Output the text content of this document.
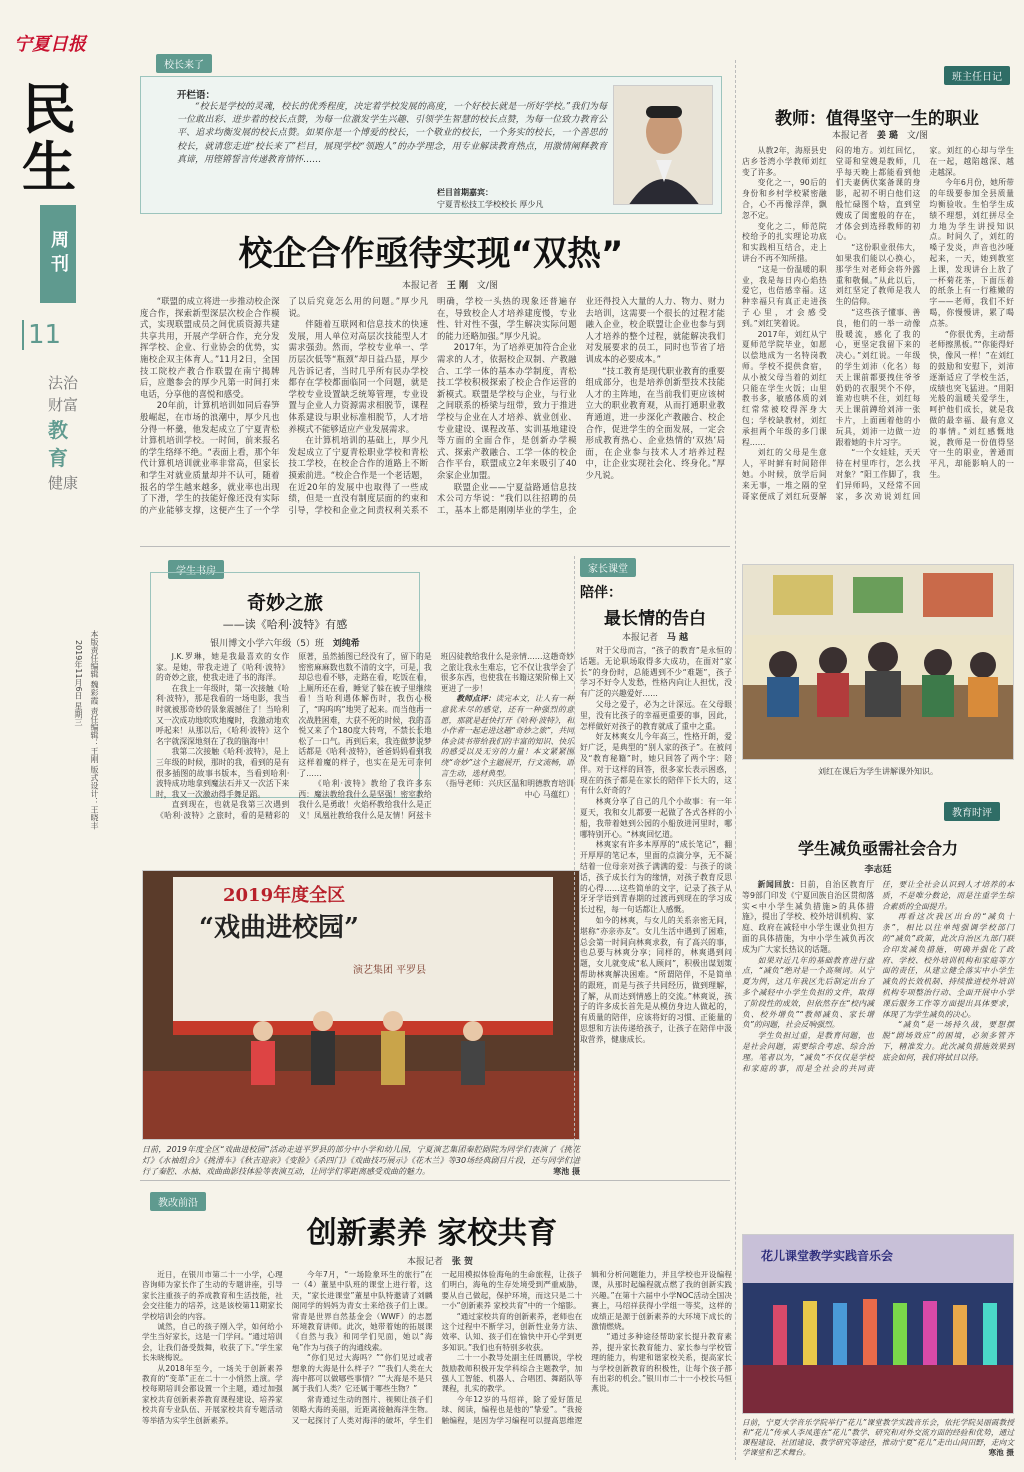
宁夏日报
民
生
周刊
11
法治
财富
教育
健康
本版责任编辑 魏彩霞 责任编辑：王刚 版式设计：王晓丰
2019年11月6日 星期三
校长来了
开栏语：
“校长是学校的灵魂，校长的优秀程度，决定着学校发展的高度，一个好校长就是一所好学校。”我们为每一位敢出彩、进步着的校长点赞，为每一位激发学生兴趣、引领学生智慧的校长点赞，为每一位致力教育公平、追求均衡发展的校长点赞。如果你是一个博爱的校长，一个敬业的校长，一个务实的校长，一个善思的校长，就请您走进“校长来了”栏目，展现学校“领跑人”的办学理念，用专业解读教育热点，用激情阐释教育真谛，用铿锵誓言传递教育情怀……
栏目首期嘉宾：
宁夏青松技工学校校长 厚少凡
校企合作亟待实现“双热”
本报记者 王 刚 文/图

“联盟的成立将进一步推动校企深度合作，探索新型深层次校企合作模式，实现联盟成员之间优质资源共建共享共用，开展产学研合作，充分发挥学校、企业、行业协会的优势，实施校企双主体育人。”11月2日，全国技工院校产教合作联盟在南宁揭牌后，应邀参会的厚少凡第一时间打来电话，分享他的喜悦和感受。

20年前，计算机培训如同后春笋般崛起，在市场的浪潮中，厚少凡也分得一杯羹，他发起成立了宁夏青松计算机培训学校。一时间，前来报名的学生络绎不绝。“表面上看，那个年代计算机培训就业率非常高，但家长和学生对就业质量却并不认可，随着报名的学生越来越多，就业率也出现了下滑，学生的技能好像还没有实际的产业能够支撑，这便产生了一个学了以后究竟怎么用的问题。”厚少凡说。

伴随着互联网和信息技术的快速发展，用人单位对高层次技能型人才需求强劲。然而，学校专业单一、学历层次低等“瓶颈”却日益凸显，厚少凡告诉记者，当时几乎所有民办学校都存在学校都面临同一个问题，就是学校专业设置缺乏统筹管理，专业设置与企业人力资源需求相脱节，课程体系建设与职业标准相脱节，人才培养模式不能够适应产业发展需求。

在计算机培训的基础上，厚少凡发起成立了宁夏青松职业学校和青松技工学校，在校企合作的道路上不断摸索前进。“校企合作是一个老话题，在近20年的发展中也取得了一些成绩，但是一直没有制度层面的约束和引导，学校和企业之间责权利关系不明确，学校一头热的现象还普遍存在，导致校企人才培养建度慢，专业性、针对性不强，学生解决实际问题的能力还略加强。”厚少凡说。

2017年，为了培养更加符合企业需求的人才，依据校企双制、产教融合、工学一体的基本办学制度，青松技工学校积极探索了校企合作运营的新模式。联盟是学校与企业，与行业之间联系的桥梁与纽带，致力于推进学校与企业在人才培养、就业创业、专业建设、课程改革、实训基地建设等方面的全面合作，是创新办学模式、探索产教融合、工学一体的校企合作平台，联盟成立2年来吸引了40余家企业加盟。

联盟企业——宁夏益路通信息技术公司方华说：“我们以往招聘的员工，基本上都是刚刚毕业的学生，企业还得投入大量的人力、物力、财力去培训，这需要一个很长的过程才能融入企业，校企联盟让企业也参与到人才培养的整个过程，就能解决我们对发展要求的员工，同时也节省了培训成本的必要成本。”

“技工教育是现代职业教育的重要组成部分，也是培养创新型技术技能人才的主阵地，在当前我们更应该树立大的职业教育观，从而打通职业教育通道，进一步深化产教融合、校企合作，促进学生的全面发展，一定会形成教育热心、企业热情的‘双热’局面，在企业参与技术人才培养过程中，让企业实现社会化、终身化。”厚少凡说。

班主任日记
教师：值得坚守一生的职业
本报记者 姜 璐 文/图

从教2年，海原县史店乡苍湾小学教师刘红变了许多。

变化之一，90后的身份和乡村学校紧密融合，心不再像浮萍，飘忽不定。

变化之二，师范院校给予的扎实理论功底和实践相互结合，走上讲台不再不知所措。

“这是一份温暖的职业，我是每日内心焰热爱它，也倍感幸福。这种幸福只有真正走进孩子心里，才会感受到。”刘红笑着说。

2017年，刘红从宁夏师范学院毕业，如愿以偿地成为一名特岗教师。学校不提供食宿，从小被父母当着的刘红只能在学生火饭；山里教书多，敏感体质的刘红常常被咬得浑身大包；学校缺教材，刘红承担两个年级的多门课程……

刘红的父母是生意人，平时鲜有时间陪伴她。小时候，放学后间来无事，一堆之隔的堂哥家便成了刘红玩耍解闷的地方。刘红回忆，堂哥和堂嫂是教师，几乎每天晚上都能看到他们夫妻俩伏案备课的身影，起初不明白他们这般忙碌图个啥，直到堂嫂成了闺蜜般的存在，才体会到选择教师的初心。

“这份职业很伟大，如果我们能以心换心，那学生对老师会将外露重和敬佩。”从此以后，刘红坚定了教师是我人生的信仰。

“这些孩子懂事、善良，他们的一举一动像股暖流，感化了我的心，更坚定我留下来的决心。”刘红说。一年级的学生刘沛（化名）每天上课前都要拽住爷爷奶奶的衣服哭个不停，谁劝也哄不住，刘红每天上课前蹲给刘沛一张卡片，上面画着他的小玩具，刘沛一边做一边跟着她的卡片习字。

“一个女娃娃，天天待在村里咋行，怎么找对象？”阳工作脚了，我们异师吗，又经常不回家，多次劝说刘红回家。刘红的心却与学生在一起，越陷越深、越走越深。

今年6月份，她所带的年级要参加全县质量均衡验收。生怕学生成绩不理想，刘红拼尽全力地为学生讲授知识点。时间久了，刘红的嗓子发炎，声音也沙哑起来，一天，她到教室上课，发现讲台上放了一杯菊花茶，下面压着的纸条上有一行稚嫩的字——老师，我们不好喝，你慢慢讲，累了喝点茶。

“你很优秀，主动帮老师擦黑板。”“你能得好快，像风一样！”在刘红的鼓励和安慰下，刘沛逐渐适应了学校生活，成绩也突飞猛进。“用阳光般的温暖关爱学生，呵护他们成长，就是我做的最幸福、最有意义的事情。”刘红感慨地说，教师是一份值得坚守一生的职业，普通而平凡，却能影响人的一生。

刘红在课后为学生讲解课外知识。
学生书房
奇妙之旅
——读《哈利·波特》有感
银川博文小学六年级（5）班 刘纯希

J.K.罗琳，她是我最喜欢的女作家。是她，带我走进了《哈利·波特》的奇妙之旅，使我走进了书的海洋。

在我上一年级时，第一次接触《哈利·波特》，那是我看的一场电影，我当时就被那奇妙的景象震撼住了！当哈利又一次成功地吹吹地魔时，我激动地欢呼起来！从那以后，《哈利·波特》这个名字就深深地刻在了我的脑海中！

我第二次接触《哈利·波特》，是上三年级的时候，那时的我，看到的是有很多插图的故事书版本，当看到哈利·波特成功地拿到魔法石并又一次活下来时，我又一次激动得手舞足蹈。

直到现在，也就是我第三次遇到《哈利·波特》之旅时，看的是精彩的原著，虽然插图已经没有了，留下的是密密麻麻数也数不清的文字，可是，我却总也看不够，走路在看，吃饭在看，上厕所还在看，睡觉了躲在被子里继续看！当哈利遇体解伤时，我伤心极了，“呜呜呜”地哭了起来。而当他再一次战胜困难，大获不死的时候，我的喜悦又来了个180度大转弯，不禁长长地松了一口气。再到后来，我连做梦说梦话都是《哈利·波特》，爸爸妈妈看到我这样着魔的样子，也实在是无可奈何了……

《哈利·波特》教给了我许多东西：魔法教给我什么是坚强！密室教给我什么是勇敢！火焰杯教给我什么是正义！凤凰社教给我什么是友情！阿兹卡班囚徒教给我什么是亲情……这趟奇妙之旅让我永生难忘，它不仅让我学会了很多东西，也使我在书籍这架阶梯上又更进了一步！

教师点评：读完本文，让人有一种意犹未尽的感觉，还有一种强烈的意愿，那就是赶快打开《哈利·波特》，和小作者一起走进这趟“奇妙之旅”，共同体会读书带给我们的丰富的知识、快乐的感受以及无穷的力量！本文紧紧围绕“奇妙”这个主题展开，行文流畅，语言生动，选材典型。

（指导老师：兴庆区温和明德教育培训中心 马蕴红）

2019年度全区
“戏曲进校园”
演艺集团 平罗县
日前，2019年度全区“戏曲进校园”活动走进平罗县的部分中小学和幼儿园，宁夏演艺集团秦腔剧院为同学们表演了《挑花灯》《水袖组合》《挑滑车》《秋吉迎亲》《变脸》《杀四门》《戏曲技巧展示》《花木兰》等30场经典剧目片段，还与同学们进行了秦腔、水袖、戏曲曲影技体验等表演互动，让同学们零距离感受戏曲的魅力。	寒池 摄
家长课堂
陪伴：
最长情的告白
本报记者 马 越

对于父母而言，“孩子的教育”是永恒的话题。无论职场取得多大成功，在面对“家长”的身份时，总能遇到不少“难题”，孩子学习不好令人发愁，性格内向让人担忧，没有广泛的兴趣爱好……

父母之爱子，必为之计深远。在父母眼里，没有比孩子的幸福更重要的事，因此，怎样做好对孩子的教育就成了重中之重。

好友林爽女儿今年高三，性格开朗，爱好广泛，是典型的“别人家的孩子”。在被问及“教育秘籍”时，她只回答了两个字：陪伴。对于这样的回答，很多家长表示困惑，现在的孩子都是在家长的陪伴下长大的，这有什么好奇的？

林爽分享了自己的几个小故事：有一年夏天，我和女儿都要一起做了各式各样的小船，我带着她到公园的小船放进河里时，哪哪特别开心。“林爽回忆道。

林爽家有许多本厚厚的“成长笔记”，翻开厚厚的笔记本，里面的点滴分享，无不凝结着一位母亲对孩子满满的爱：与孩子的谈话，孩子成长行为的缘情，对孩子教育反思的心得……这些简单的文字，记录了孩子从牙牙学语到青春期的过渡再到现在的学习成长过程，每一句话都让人感慨。

如今的林爽，与女儿的关系亲密无间，堪称“亦亲亦友”。女儿生活中遇到了困难，总会第一时间向林爽求救，有了高兴的事，也总要与林爽分享；同样的，林爽遇到问题，女儿就变成“私人顾问”，积极出谋划策帮助林爽解决困难。“所谓陪伴，不是简单的跟班，而是与孩子共同经历，做到理解，了解，从而达到情感上的交流。”林爽说，孩子的许多成长首先是从模仿身边人做起的，有质量的陪伴，应该将好的习惯、正能量的思想和方法传递给孩子，让孩子在陪伴中汲取营养，健康成长。

教育时评
学生减负亟需社会合力
李志廷

新闻回放：日前，自治区教育厅等9部门印发《宁夏回族自治区贯彻落实<中小学生减负措施>的具体措施》，提出了学校、校外培训机构、家庭、政府在减轻中小学生课业负担方面的具体措施，为中小学生减负再次成为广大家长热议的话题。

如果对近几年的基础教育进行盘点，“减负”绝对是一个高频词。从宁夏为例，这几年我区先后制定出台了多个减轻中小学生负担的文件，取得了阶段性的成效，但依然存在“校内减负、校外增负”“教师减负、家长增负”的问题，社会反响强烈。

学生负担过重，是教育问题，也是社会问题，需要综合考虑、综合治理。笔者以为，“减负”不仅仅是学校和家庭的事，而是全社会的共同责任，要让全社会认识到人才培养的本质，不是唯分数论，而是注重学生综合素质的全面提升。

再看这次我区出台的“减负十条”，相比以往单纯强调学校部门的“减负”政策，此次自治区九部门联合印发减负措施，明确并强化了政府、学校、校外培训机构和家庭等方面的责任，从建立健全落实中小学生减负的长效机制、持续推进校外培训机构专项整治行动、全面开展中小学课后服务工作等方面提出具体要求，体现了为学生减负的决心。

“减负”是一场持久战，要想摆脱“剧场效应”的困境，必须多管齐下，精准发力。此次减负措施效果到底会如何，我们将拭目以待。

教改前沿
创新素养 家校共育
本报记者 张 贺

近日，在银川市第二十一小学，心理咨询师为家长作了生动的专题讲座，引导家长注重孩子的养成教育和生活技能，社会交往能力的培养，这是该校第11期家长学校培训会的内容。

诚然，自己的孩子刚入学，如何给小学生当好家长，这是一门学问。“通过培训会，让我们备受鼓舞，收获了下。”学生家长朱晓梅说。

从2018年至今，一场关于创新素养教育的“变革”正在二十一小悄然上演。学校每期培训会都设置一个主题，通过加强家校共育创新素养教育课程建设、培养家校共育专业队伍、开展家校共育专题活动等举措为实学生创新素养。

今年7月，“一场险象环生的旅行”在一（4）董星中队班的课堂上进行着，这天，“家长进课堂”董星中队特邀请了刘麟阁同学的妈妈为青女士来给孩子们上课。常青是世界自然基金会（WWF）的志愿环境教育讲师。此次，她带着她的拓展课《自然与我》和同学们见面，她以“海龟”作为与孩子的沟通线索。

“你们见过大海吗？”“你们见过或者想象的大海是什么样子？”“我们人类在大海中都可以做哪些事情？”“大海是不是只属于我们人类？它还属于哪些生物？”

常青通过生动的图片、视频让孩子们领略大海的美丽，近距离接触海洋生物。又一起探讨了人类对海洋的破坏，学生们一起用模拟体验海龟的生命旅程，让孩子们明白，海龟的生存处境受到严重威胁，要从自己做起，保护环境，而这只是二十一小“创新素养 家校共育”中的一个缩影。

“通过家校共育的创新素养，老师也在这个过程中不断学习，创新性业务方法、效率、认知、孩子们在愉快中开心学到更多知识。”我们也有特别多收获。

二十一小教导处副主任周鹏说，学校鼓励教师积极开发学科综合主题教学，加强人工智能、机器人、合唱团、舞蹈队等课程，扎实的教学。

今年12岁的马绍祥，除了爱好篮足球、阅读，编程也是他的“挚爱”。“我接触编程，是因为学习编程可以提高思维逻辑和分析问题能力，并且学校也开设编程课，从那时起编程就点燃了我的创新实践兴趣。”在第十六届中小学NOC活动全国决赛上，马绍祥获得小学组一等奖，这样的成绩正是源于创新素养的大环境下成长的激情燃烧。

“通过多种途径帮助家长提升教育素养，提升家长教育能力、家长参与学校管理的能力，构建和谐家校关系，提高家长与学校创新教育的积极性，让每个孩子都有出彩的机会。”银川市二十一小校长马恒燕说。

花儿课堂教学实践音乐会
日前，宁夏大学音乐学院举行“花儿”课堂教学实践音乐会，依托学院吴丽霞教授和“花儿”传承人李凤莲在“花儿”教学、研究和对外交流方面的经验和优势，通过课程建设、社团建设、教学研究等途径，推动宁夏“花儿”走出山间田野，走向文学课堂和艺术舞台。	寒池 摄
